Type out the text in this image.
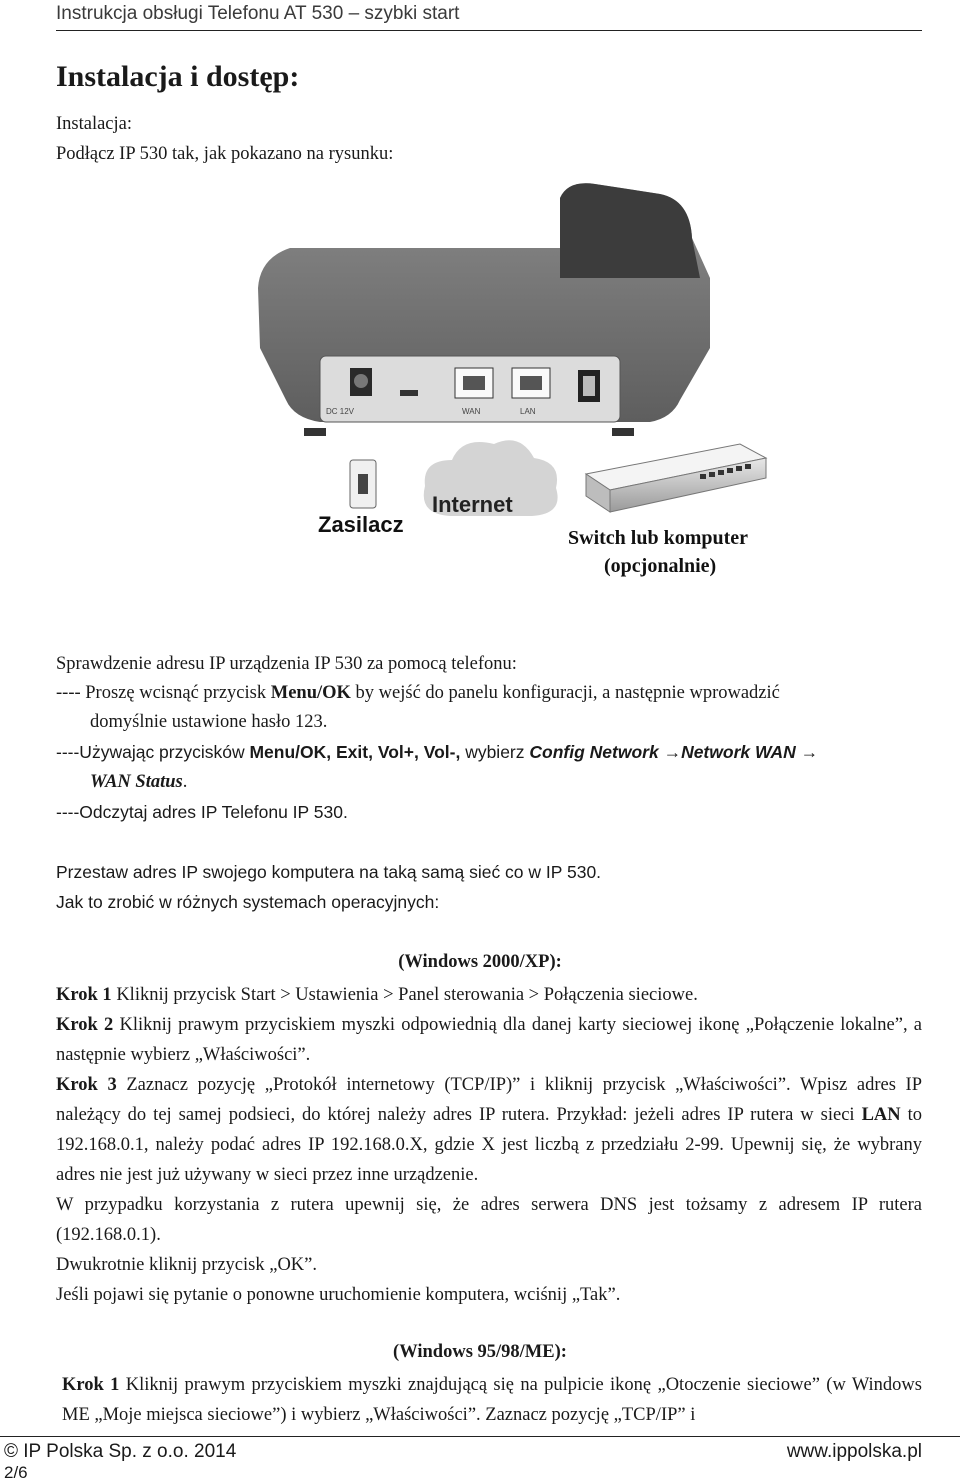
Instrukcja obsługi Telefonu AT 530 – szybki start
Instalacja i dostęp:
Instalacja:
Podłącz IP 530 tak, jak pokazano na rysunku:
DC 12V	WAN	LAN
Zasilacz
Internet
Switch lub komputer
(opcjonalnie)
Sprawdzenie adresu IP urządzenia IP 530 za pomocą telefonu:
---- Proszę wcisnąć przycisk Menu/OK by wejść do panelu konfiguracji, a następnie wprowadzić
domyślnie ustawione hasło 123.
----Używając przycisków Menu/OK, Exit, Vol+, Vol-, wybierz Config Network →Network WAN →
WAN Status.
----Odczytaj adres IP Telefonu IP 530.
Przestaw adres IP swojego komputera na taką samą sieć co w IP 530.
Jak to zrobić w różnych systemach operacyjnych:
(Windows 2000/XP):
Krok 1 Kliknij przycisk Start > Ustawienia > Panel sterowania > Połączenia sieciowe.
Krok 2 Kliknij prawym przyciskiem myszki odpowiednią dla danej karty sieciowej ikonę „Połączenie lokalne”, a następnie wybierz „Właściwości”.
Krok 3 Zaznacz pozycję „Protokół internetowy (TCP/IP)” i kliknij przycisk „Właściwości”. Wpisz adres IP należący do tej samej podsieci, do której należy adres IP rutera. Przykład: jeżeli adres IP rutera w sieci LAN to 192.168.0.1, należy podać adres IP 192.168.0.X, gdzie X jest liczbą z przedziału 2-99. Upewnij się, że wybrany adres nie jest już używany w sieci przez inne urządzenie.
W przypadku korzystania z rutera upewnij się, że adres serwera DNS jest tożsamy z adresem IP rutera (192.168.0.1).
Dwukrotnie kliknij przycisk „OK”.
Jeśli pojawi się pytanie o ponowne uruchomienie komputera, wciśnij „Tak”.
(Windows 95/98/ME):
Krok 1 Kliknij prawym przyciskiem myszki znajdującą się na pulpicie ikonę „Otoczenie sieciowe” (w Windows ME „Moje miejsca sieciowe”) i wybierz „Właściwości”. Zaznacz pozycję „TCP/IP” i
© IP Polska Sp. z o.o. 2014	www.ippolska.pl
2/6
